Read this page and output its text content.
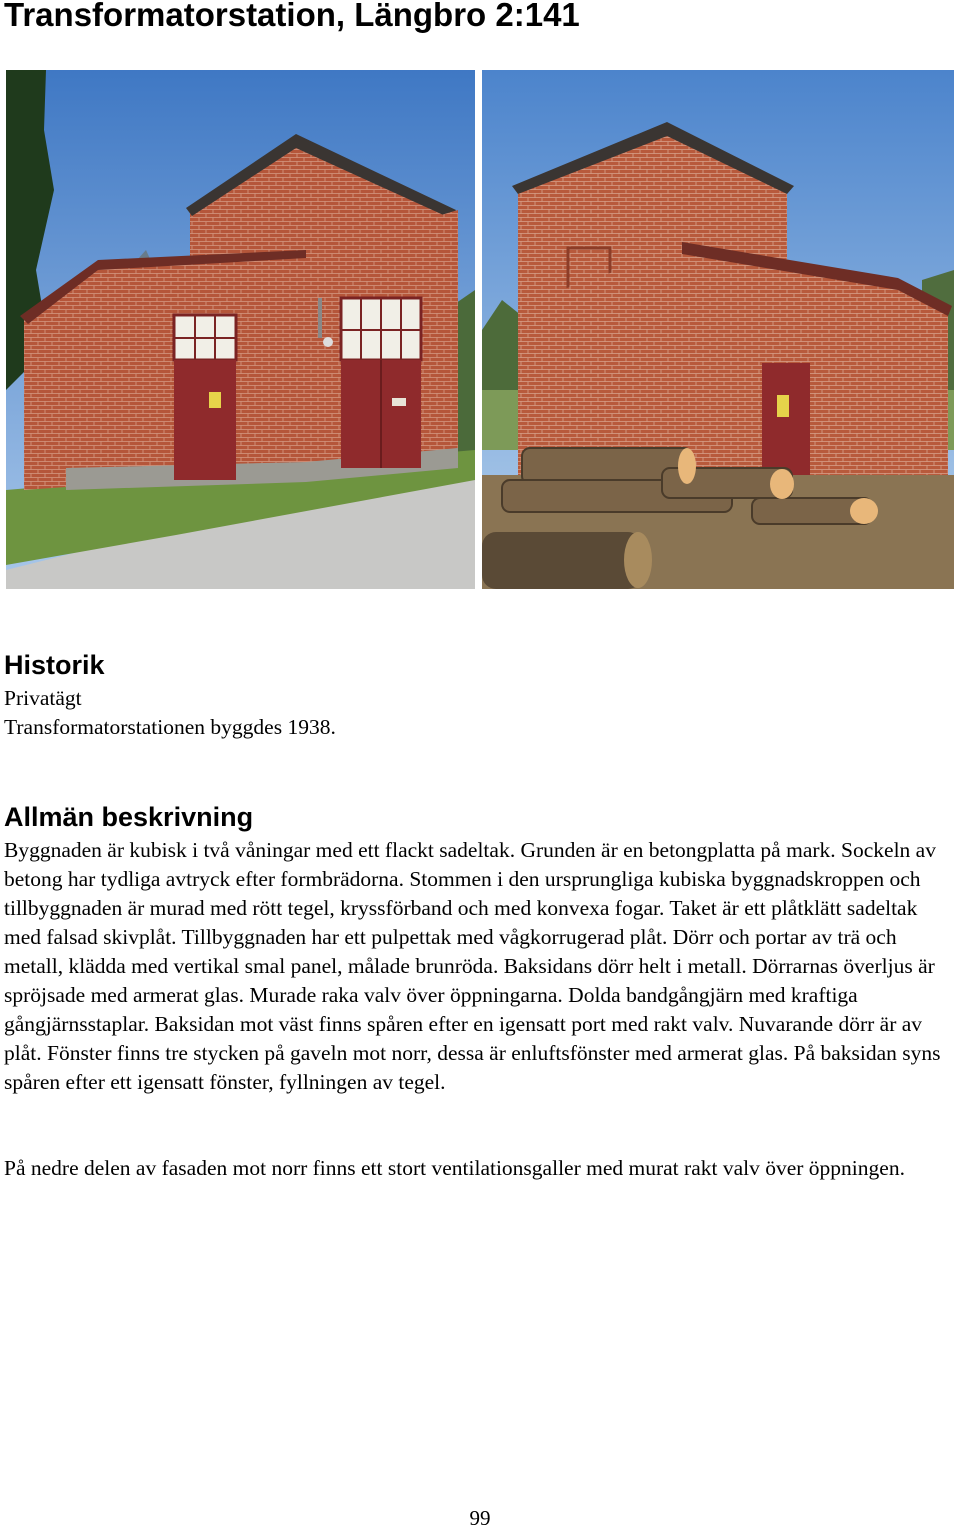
Transformatorstation, Längbro 2:141
Historik

Privatägt

Transformatorstationen byggdes 1938.

Allmän beskrivning

Byggnaden är kubisk i två våningar med ett flackt sadeltak. Grunden är en betongplatta på mark. Sockeln av betong har tydliga avtryck efter formbrädorna. Stommen i den ursprungliga kubiska byggnadskroppen och tillbyggnaden är murad med rött tegel, kryssförband och med konvexa fogar. Taket är ett plåtklätt sadeltak med falsad skivplåt. Tillbyggnaden har ett pulpettak med vågkorrugerad plåt. Dörr och portar av trä och metall, klädda med vertikal smal panel, målade brunröda. Baksidans dörr helt i metall. Dörrarnas överljus är spröjsade med armerat glas. Murade raka valv över öppningarna. Dolda bandgångjärn med kraftiga gångjärnsstaplar. Baksidan mot väst finns spåren efter en igensatt port med rakt valv. Nuvarande dörr är av plåt. Fönster finns tre stycken på gaveln mot norr, dessa är enluftsfönster med armerat glas. På baksidan syns spåren efter ett igensatt fönster, fyllningen av tegel.

På nedre delen av fasaden mot norr finns ett stort ventilationsgaller med murat rakt valv över öppningen.

99
